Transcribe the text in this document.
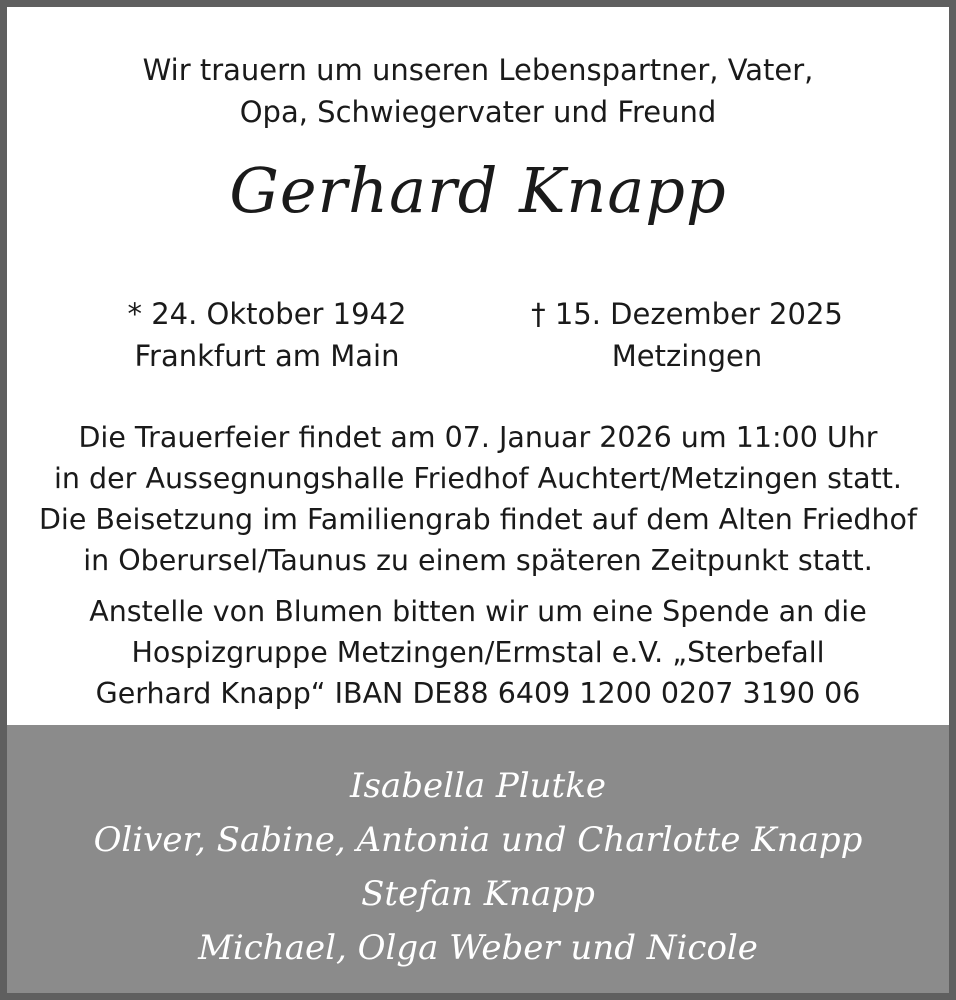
Wir trauern um unseren Lebenspartner, Vater,
Opa, Schwiegervater und Freund
Gerhard Knapp
* 24. Oktober 1942
Frankfurt am Main
† 15. Dezember 2025
Metzingen
Die Trauerfeier findet am 07. Januar 2026 um 11:00 Uhr
in der Aussegnungshalle Friedhof Auchtert/Metzingen statt.
Die Beisetzung im Familiengrab findet auf dem Alten Friedhof
in Oberursel/Taunus zu einem späteren Zeitpunkt statt.
Anstelle von Blumen bitten wir um eine Spende an die
Hospizgruppe Metzingen/Ermstal e.V. „Sterbefall
Gerhard Knapp“ IBAN DE88 6409 1200 0207 3190 06
Isabella Plutke
Oliver, Sabine, Antonia und Charlotte Knapp
Stefan Knapp
Michael, Olga Weber und Nicole
